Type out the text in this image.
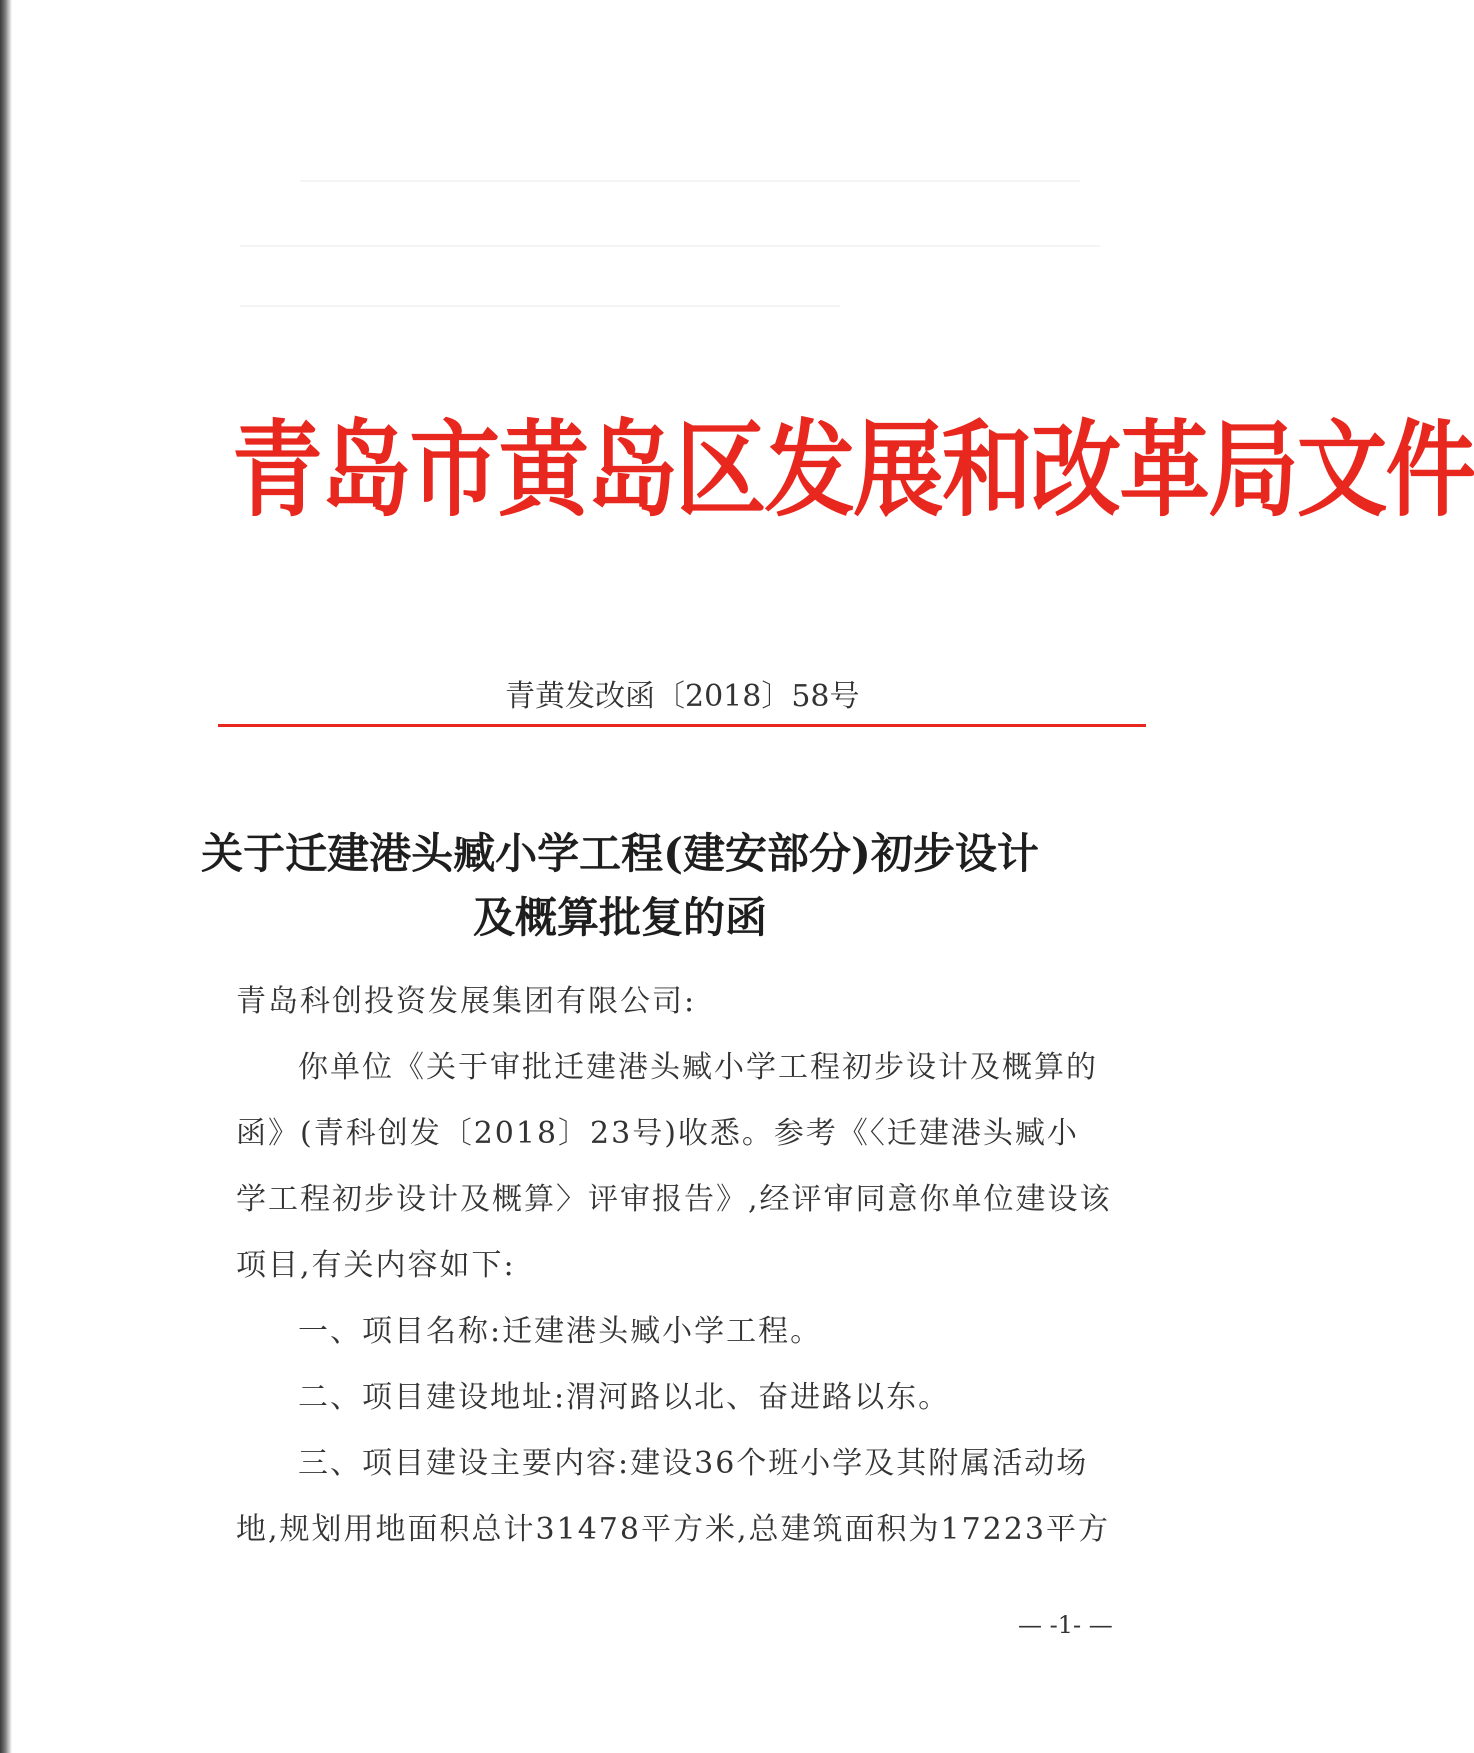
青岛市黄岛区发展和改革局文件
青黄发改函〔2018〕58号
关于迁建港头臧小学工程(建安部分)初步设计
及概算批复的函
青岛科创投资发展集团有限公司:
你单位《关于审批迁建港头臧小学工程初步设计及概算的
函》(青科创发〔2018〕23号)收悉。参考《〈迁建港头臧小
学工程初步设计及概算〉评审报告》,经评审同意你单位建设该
项目,有关内容如下:
一、项目名称:迁建港头臧小学工程。
二、项目建设地址:渭河路以北、奋进路以东。
三、项目建设主要内容:建设36个班小学及其附属活动场
地,规划用地面积总计31478平方米,总建筑面积为17223平方
— -1- —
